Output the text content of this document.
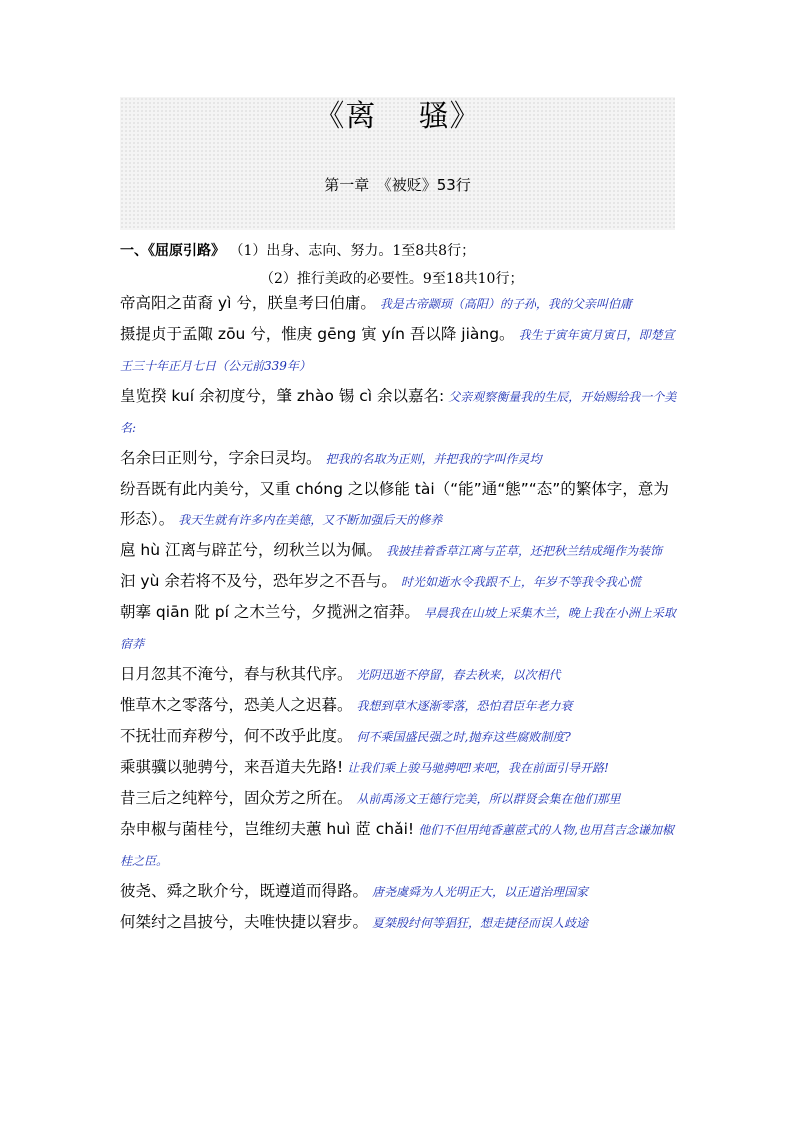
《离    骚》
第一章　《被贬》53行
一、《屈原引路》 （1）出身、志向、努力。1至8共8行；
（2）推行美政的必要性。9至18共10行；
帝高阳之苗裔 yì 兮，朕皇考曰伯庸。 我是古帝颛顼（高阳）的子孙，我的父亲叫伯庸
摄提贞于孟陬 zōu 兮，惟庚 gēng 寅 yín 吾以降 jiàng。 我生于寅年寅月寅日，即楚宣王三十年正月七日（公元前339年）
皇览揆 kuí 余初度兮，肇 zhào 锡 cì 余以嘉名: 父亲观察衡量我的生辰，开始赐给我一个美名:
名余曰正则兮，字余曰灵均。 把我的名取为正则，并把我的字叫作灵均
纷吾既有此内美兮，又重 chóng 之以修能 tài（“能”通“態”“态”的繁体字，意为形态）。 我天生就有许多内在美德，又不断加强后天的修养
扈 hù 江离与辟芷兮，纫秋兰以为佩。 我披挂着香草江离与芷草，还把秋兰结成绳作为装饰
汩 yù 余若将不及兮，恐年岁之不吾与。 时光如逝水令我跟不上，年岁不等我令我心慌
朝搴 qiān 阰 pí 之木兰兮，夕揽洲之宿莽。 早晨我在山坡上采集木兰，晚上我在小洲上采取宿莽
日月忽其不淹兮，春与秋其代序。 光阴迅逝不停留，春去秋来，以次相代
惟草木之零落兮，恐美人之迟暮。 我想到草木逐渐零落，恐怕君臣年老力衰
不抚壮而弃秽兮，何不改乎此度。 何不乘国盛民强之时,抛弃这些腐败制度?
乘骐骥以驰骋兮，来吾道夫先路! 让我们乘上骏马驰骋吧!来吧，我在前面引导开路!
昔三后之纯粹兮，固众芳之所在。 从前禹汤文王德行完美，所以群贤会集在他们那里
杂申椒与菌桂兮，岂维纫夫蕙 huì 茝 chǎi! 他们不但用纯香蕙茝式的人物,也用莒吉念谦加椒桂之臣。
彼尧、舜之耿介兮，既遵道而得路。 唐尧虞舜为人光明正大，以正道治理国家
何桀纣之昌披兮，夫唯快捷以窘步。 夏桀殷纣何等猖狂，想走捷径而误人歧途
